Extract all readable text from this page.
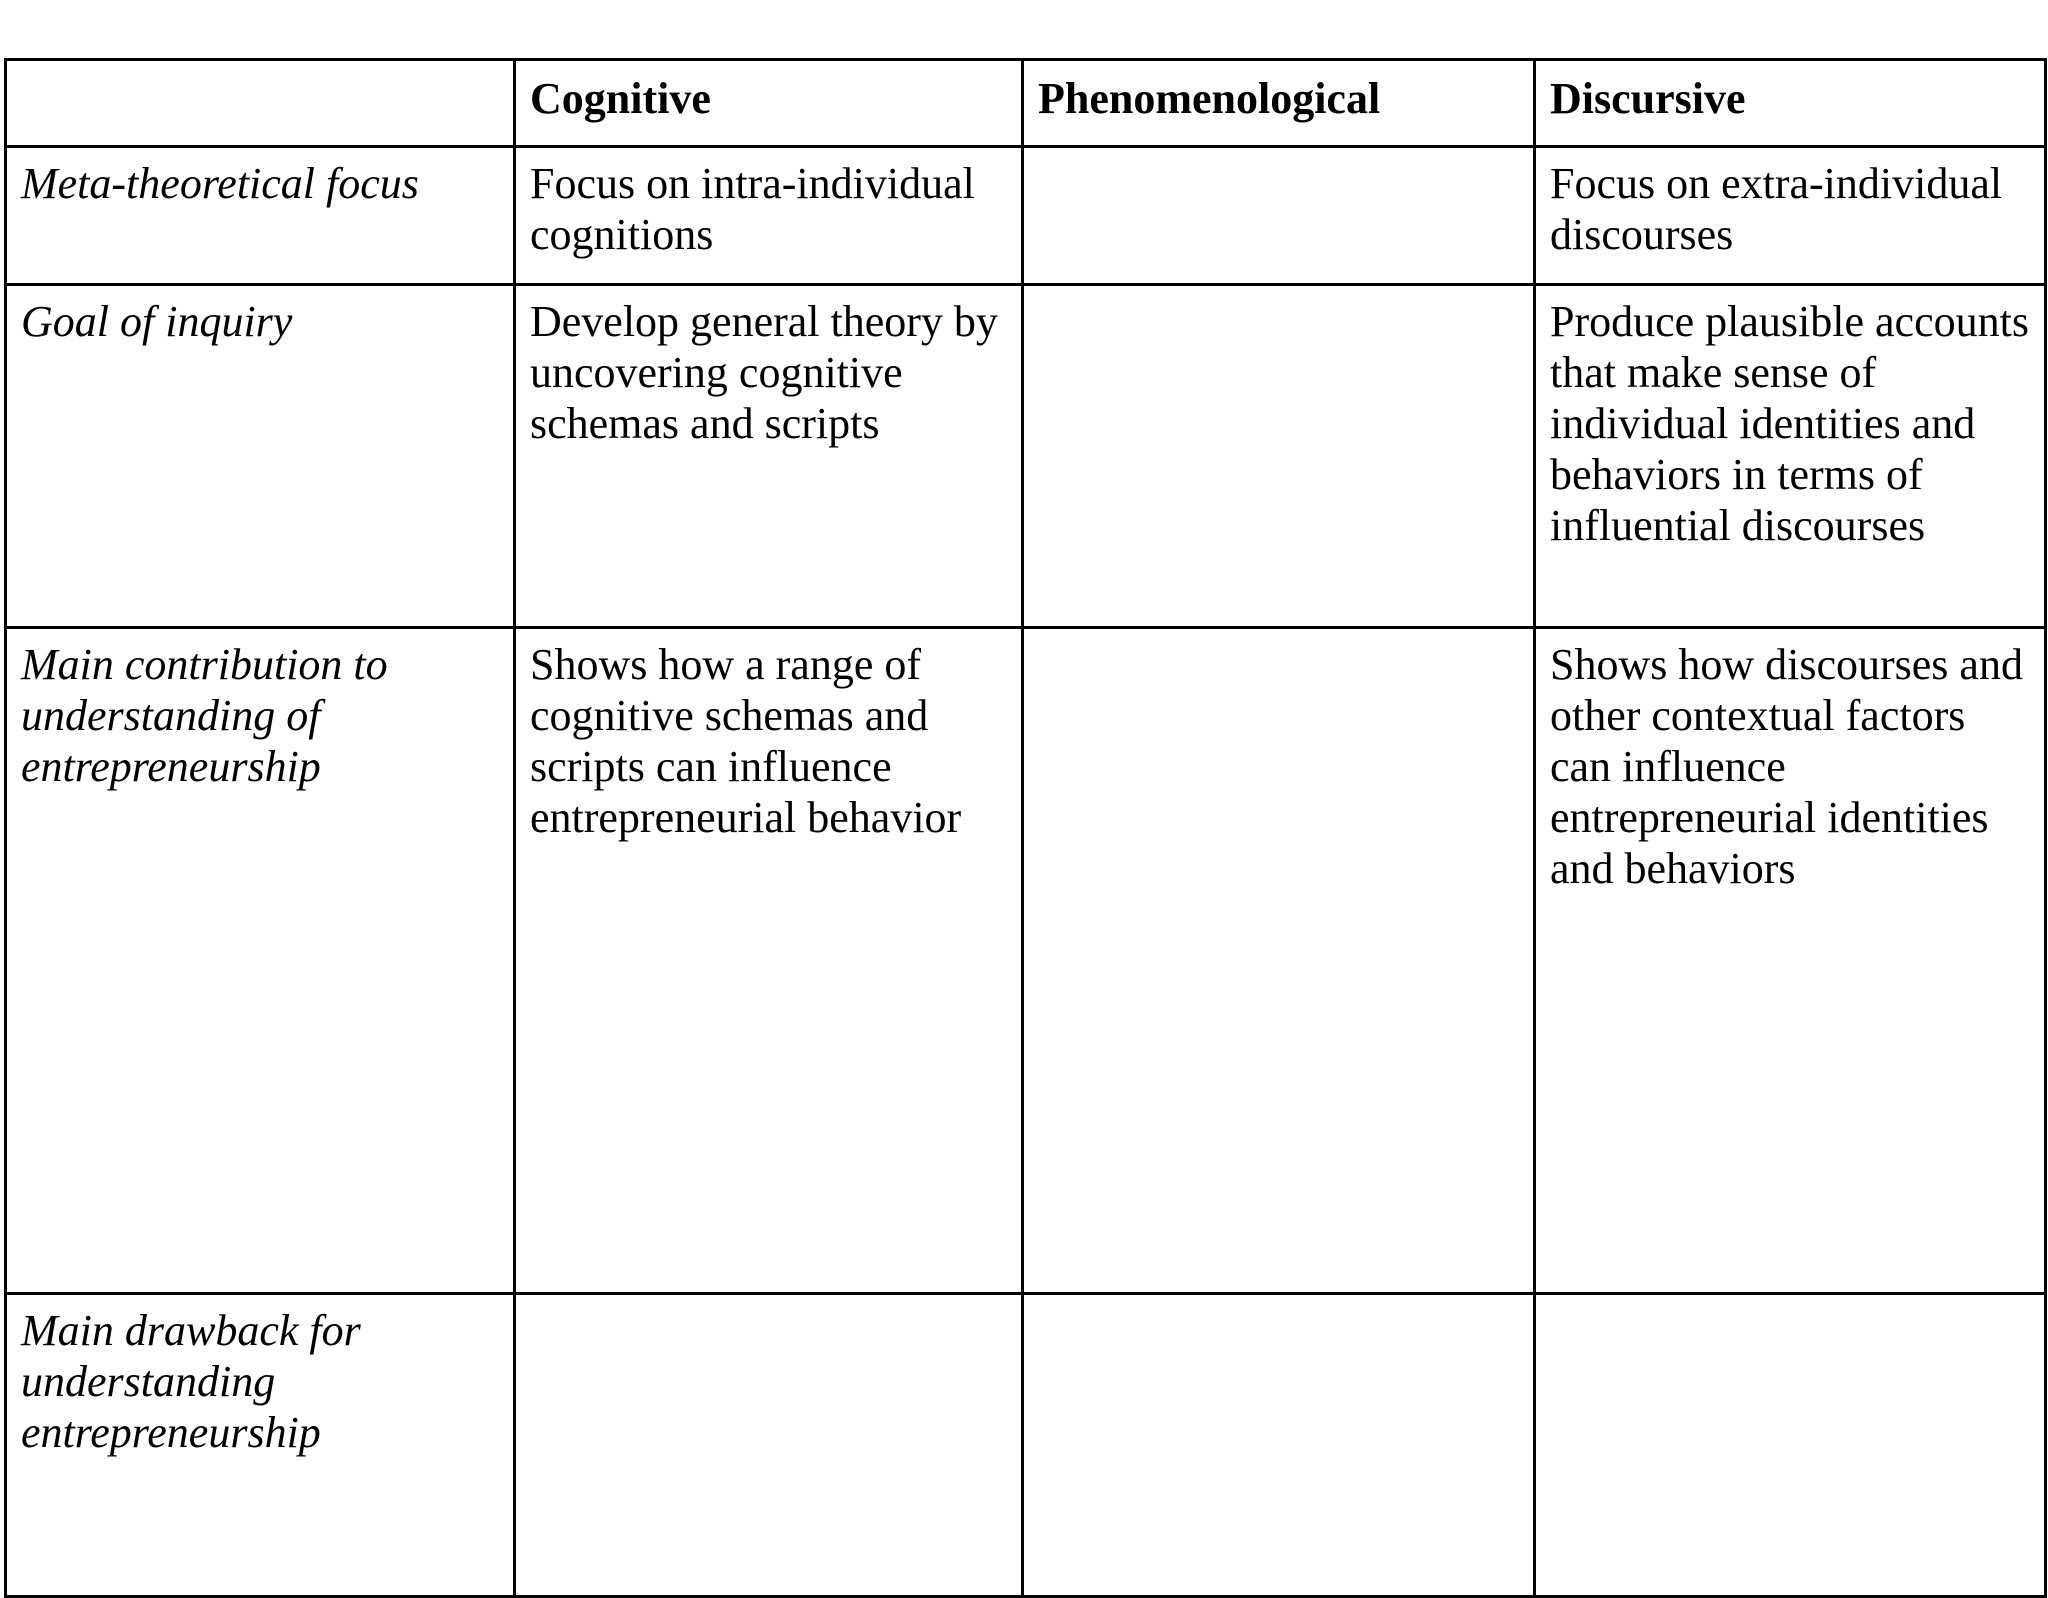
	Cognitive	Phenomenological	Discursive
Meta-theoretical focus	Focus on intra-individual cognitions		Focus on extra-individual discourses
Goal of inquiry	Develop general theory by uncovering cognitive schemas and scripts		Produce plausible accounts that make sense of individual identities and behaviors in terms of influential discourses
Main contribution to understanding of entrepreneurship	Shows how a range of cognitive schemas and scripts can influence entrepreneurial behavior		Shows how discourses and other contextual factors can influence entrepreneurial identities and behaviors
Main drawback for understanding entrepreneurship			
